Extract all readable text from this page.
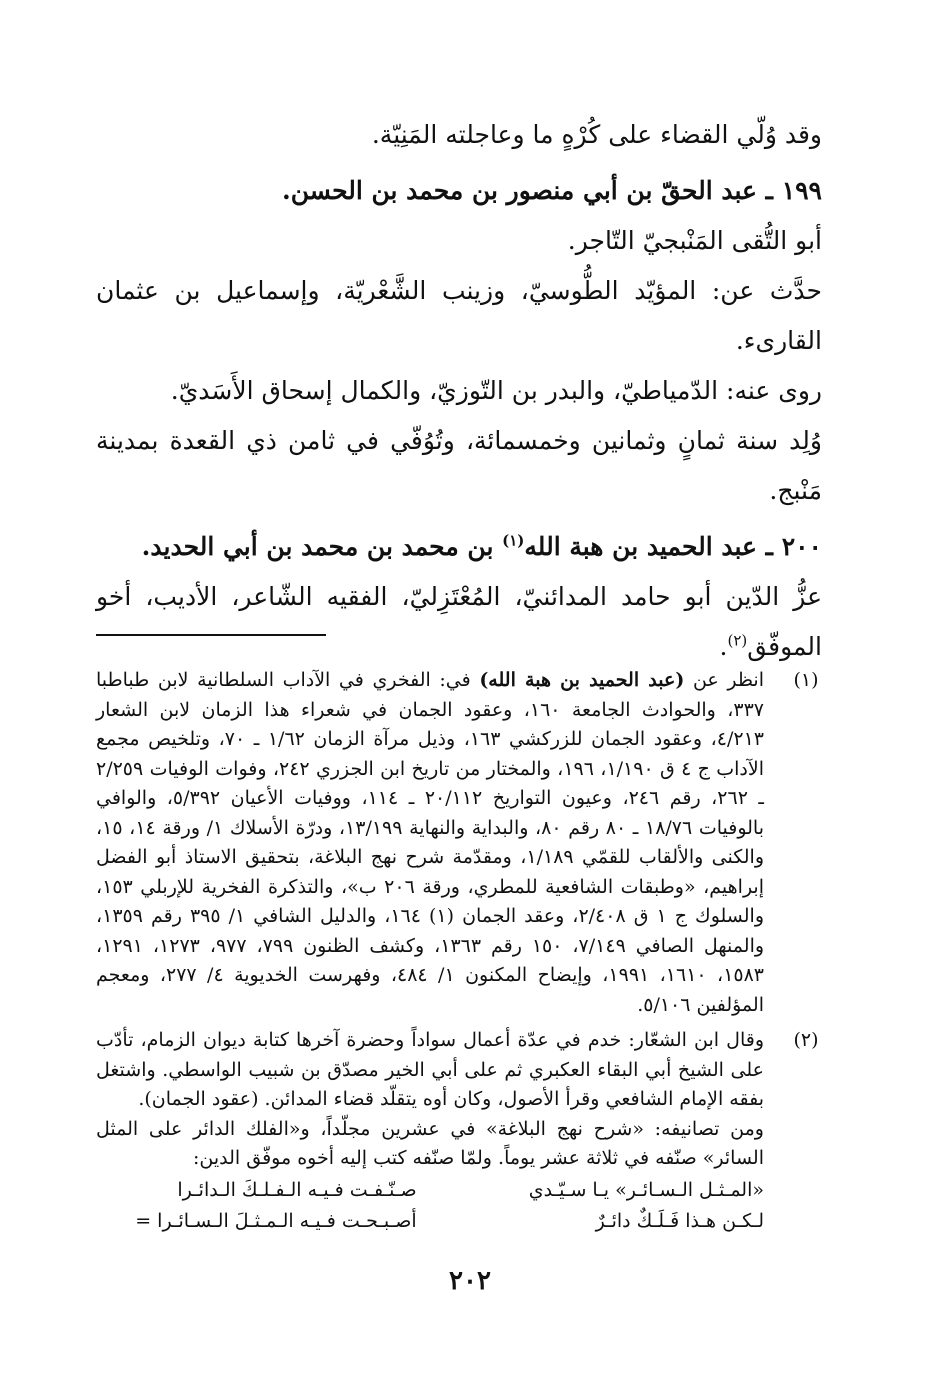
وقد وُلّي القضاء على كُرْهٍ ما وعاجلته المَنِيّة.

١٩٩ ـ عبد الحقّ بن أبي منصور بن محمد بن الحسن.

أبو التُّقى المَنْبجيّ التّاجر.

حدَّث عن: المؤيّد الطُّوسيّ، وزينب الشَّعْريّة، وإسماعيل بن عثمان القارىء.

روى عنه: الدّمياطيّ، والبدر بن التّوزيّ، والكمال إسحاق الأَسَديّ.

وُلِد سنة ثمانٍ وثمانين وخمسمائة، وتُوُفّي في ثامن ذي القعدة بمدينة مَنْبج.

٢٠٠ ـ عبد الحميد بن هبة الله$^{(١)}$ بن محمد بن محمد بن أبي الحديد.

عزُّ الدّين أبو حامد المدائنيّ، المُعْتَزِليّ، الفقيه الشّاعر، الأديب، أخو الموفّق$^{(٢)}$.

(١)

انظر عن (عبد الحميد بن هبة الله) في: الفخري في الآداب السلطانية لابن طباطبا ٣٣٧، والحوادث الجامعة ١٦٠، وعقود الجمان في شعراء هذا الزمان لابن الشعار ٤/٢١٣، وعقود الجمان للزركشي ١٦٣، وذيل مرآة الزمان ١/٦٢ ـ ٧٠، وتلخيص مجمع الآداب ج ٤ ق ١/١٩٠، ١٩٦، والمختار من تاريخ ابن الجزري ٢٤٢، وفوات الوفيات ٢/٢٥٩ ـ ٢٦٢، رقم ٢٤٦، وعيون التواريخ ٢٠/١١٢ ـ ١١٤، ووفيات الأعيان ٥/٣٩٢، والوافي بالوفيات ١٨/٧٦ ـ ٨٠ رقم ٨٠، والبداية والنهاية ١٣/١٩٩، ودرّة الأسلاك ١/ ورقة ١٤، ١٥، والكنى والألقاب للقمّي ١/١٨٩، ومقدّمة شرح نهج البلاغة، بتحقيق الاستاذ أبو الفضل إبراهيم، «وطبقات الشافعية للمطري، ورقة ٢٠٦ ب»، والتذكرة الفخرية للإربلي ١٥٣، والسلوك ج ١ ق ٢/٤٠٨، وعقد الجمان (١) ١٦٤، والدليل الشافي ١/ ٣٩٥ رقم ١٣٥٩، والمنهل الصافي ٧/١٤٩، ١٥٠ رقم ١٣٦٣، وكشف الظنون ٧٩٩، ٩٧٧، ١٢٧٣، ١٢٩١، ١٥٨٣، ١٦١٠، ١٩٩١، وإيضاح المكنون ١/ ٤٨٤، وفهرست الخديوية ٤/ ٢٧٧، ومعجم المؤلفين ٥/١٠٦.

(٢)

وقال ابن الشعّار: خدم في عدّة أعمال سواداً وحضرة آخرها كتابة ديوان الزمام، تأدّب على الشيخ أبي البقاء العكبري ثم على أبي الخير مصدّق بن شبيب الواسطي. واشتغل بفقه الإمام الشافعي وقرأ الأصول، وكان أوه يتقلّد قضاء المدائن. (عقود الجمان).

ومن تصانيفه: «شرح نهج البلاغة» في عشرين مجلّداً، و«الفلك الدائر على المثل السائر» صنّفه في ثلاثة عشر يوماً. ولمّا صنّفه كتب إليه أخوه موفّق الدين:

«المـثـل الـسـائـر» يـا سـيّـدي
صـنّـفـت فـيـه الـفـلـكَ الـدائـرا
لـكـن هـذا فَـلَـكٌ دائـرٌ
أصـبـحـت فـيـه الـمـثـلَ الـسـائـرا =
٢٠٢
